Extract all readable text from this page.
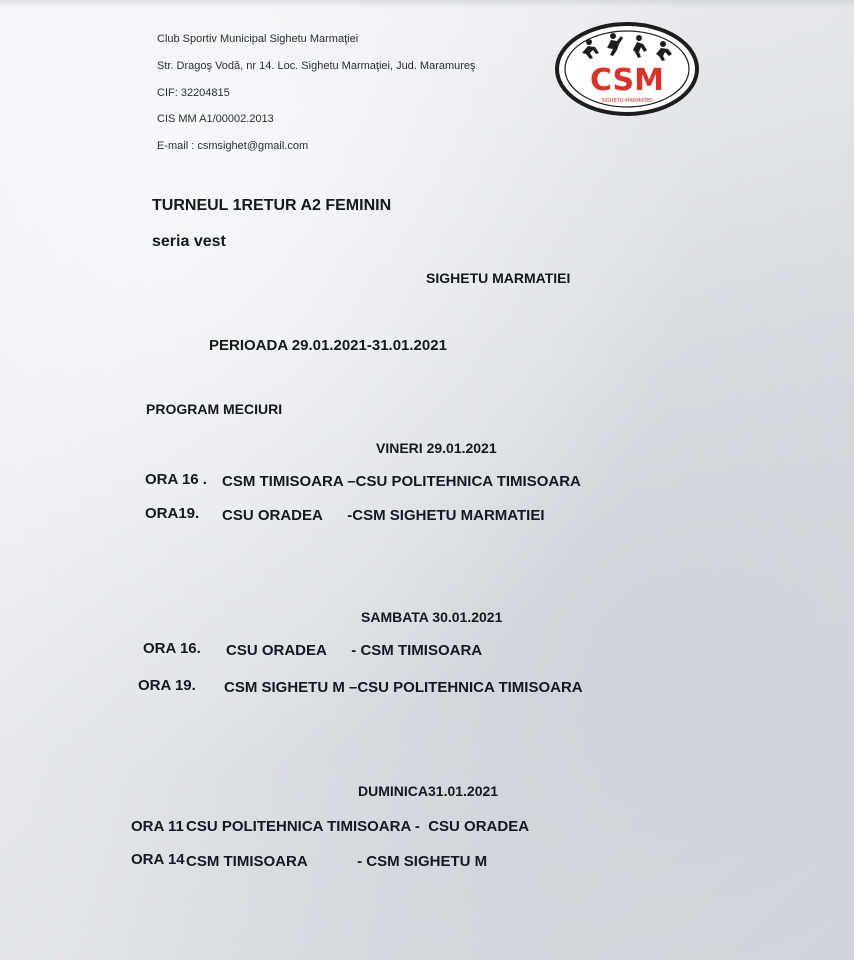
Club Sportiv Municipal Sighetu Marmaţiei
Str. Dragoş Vodă, nr 14. Loc. Sighetu Marmaţiei, Jud. Maramureş
CIF: 32204815
CIS MM A1/00002.2013
E-mail : csmsighet@gmail.com
CSM
SIGHETU MARMATIEI
TURNEUL 1RETUR A2 FEMININ
seria vest
SIGHETU MARMATIEI
PERIOADA 29.01.2021-31.01.2021
PROGRAM MECIURI
VINERI 29.01.2021
ORA 16 . CSM TIMISOARA –CSU POLITEHNICA TIMISOARA
ORA19. CSU ORADEA      -CSM SIGHETU MARMATIEI
SAMBATA 30.01.2021
ORA 16. CSU ORADEA      - CSM TIMISOARA
ORA 19. CSM SIGHETU M –CSU POLITEHNICA TIMISOARA
DUMINICA31.01.2021
ORA 11 CSU POLITEHNICA TIMISOARA -  CSU ORADEA
ORA 14 CSM TIMISOARA            - CSM SIGHETU M
